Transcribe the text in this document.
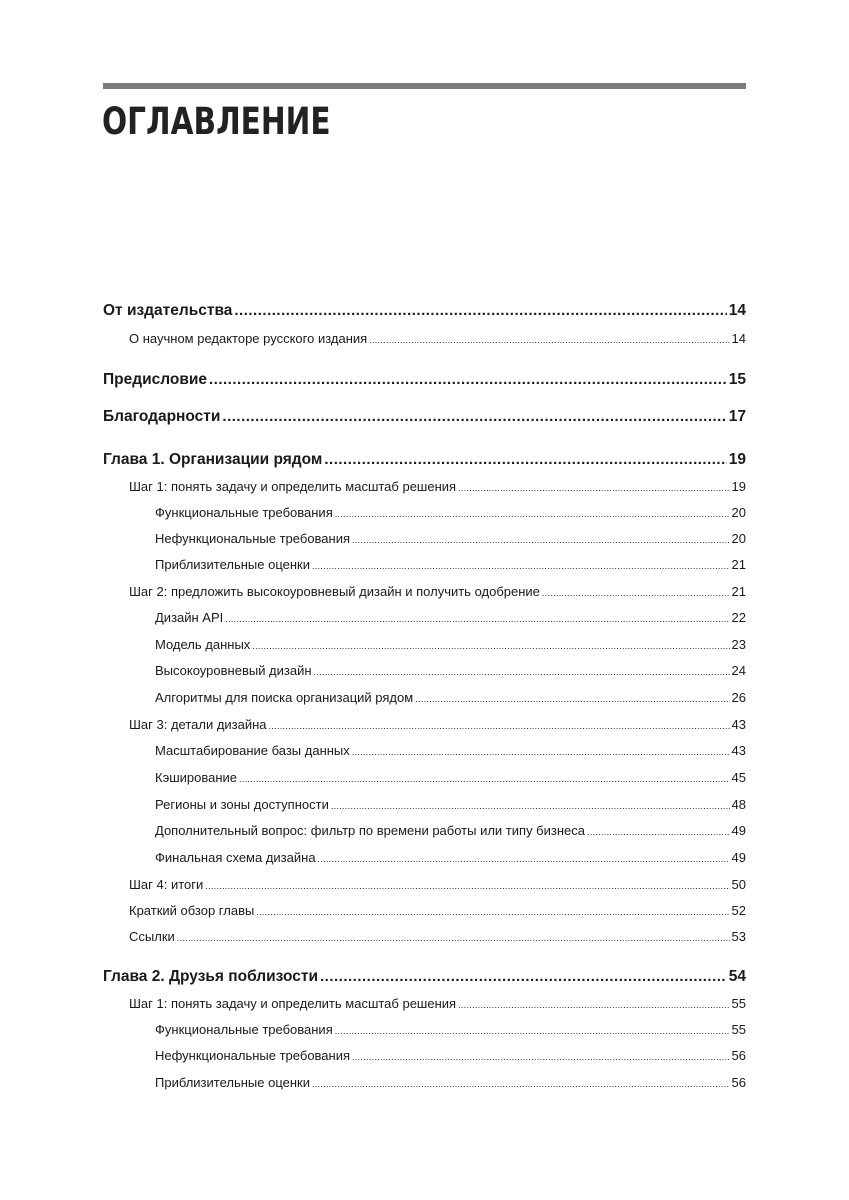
ОГЛАВЛЕНИЕ
От издательства .....	14
О научном редакторе русского издания .....	14
Предисловие .....	15
Благодарности .....	17
Глава 1. Организации рядом .....	19
Шаг 1: понять задачу и определить масштаб решения .....	19
Функциональные требования .....	20
Нефункциональные требования .....	20
Приблизительные оценки .....	21
Шаг 2: предложить высокоуровневый дизайн и получить одобрение .....	21
Дизайн API .....	22
Модель данных .....	23
Высокоуровневый дизайн .....	24
Алгоритмы для поиска организаций рядом .....	26
Шаг 3: детали дизайна .....	43
Масштабирование базы данных .....	43
Кэширование .....	45
Регионы и зоны доступности .....	48
Дополнительный вопрос: фильтр по времени работы или типу бизнеса .....	49
Финальная схема дизайна .....	49
Шаг 4: итоги .....	50
Краткий обзор главы .....	52
Ссылки .....	53
Глава 2. Друзья поблизости .....	54
Шаг 1: понять задачу и определить масштаб решения .....	55
Функциональные требования .....	55
Нефункциональные требования .....	56
Приблизительные оценки .....	56
